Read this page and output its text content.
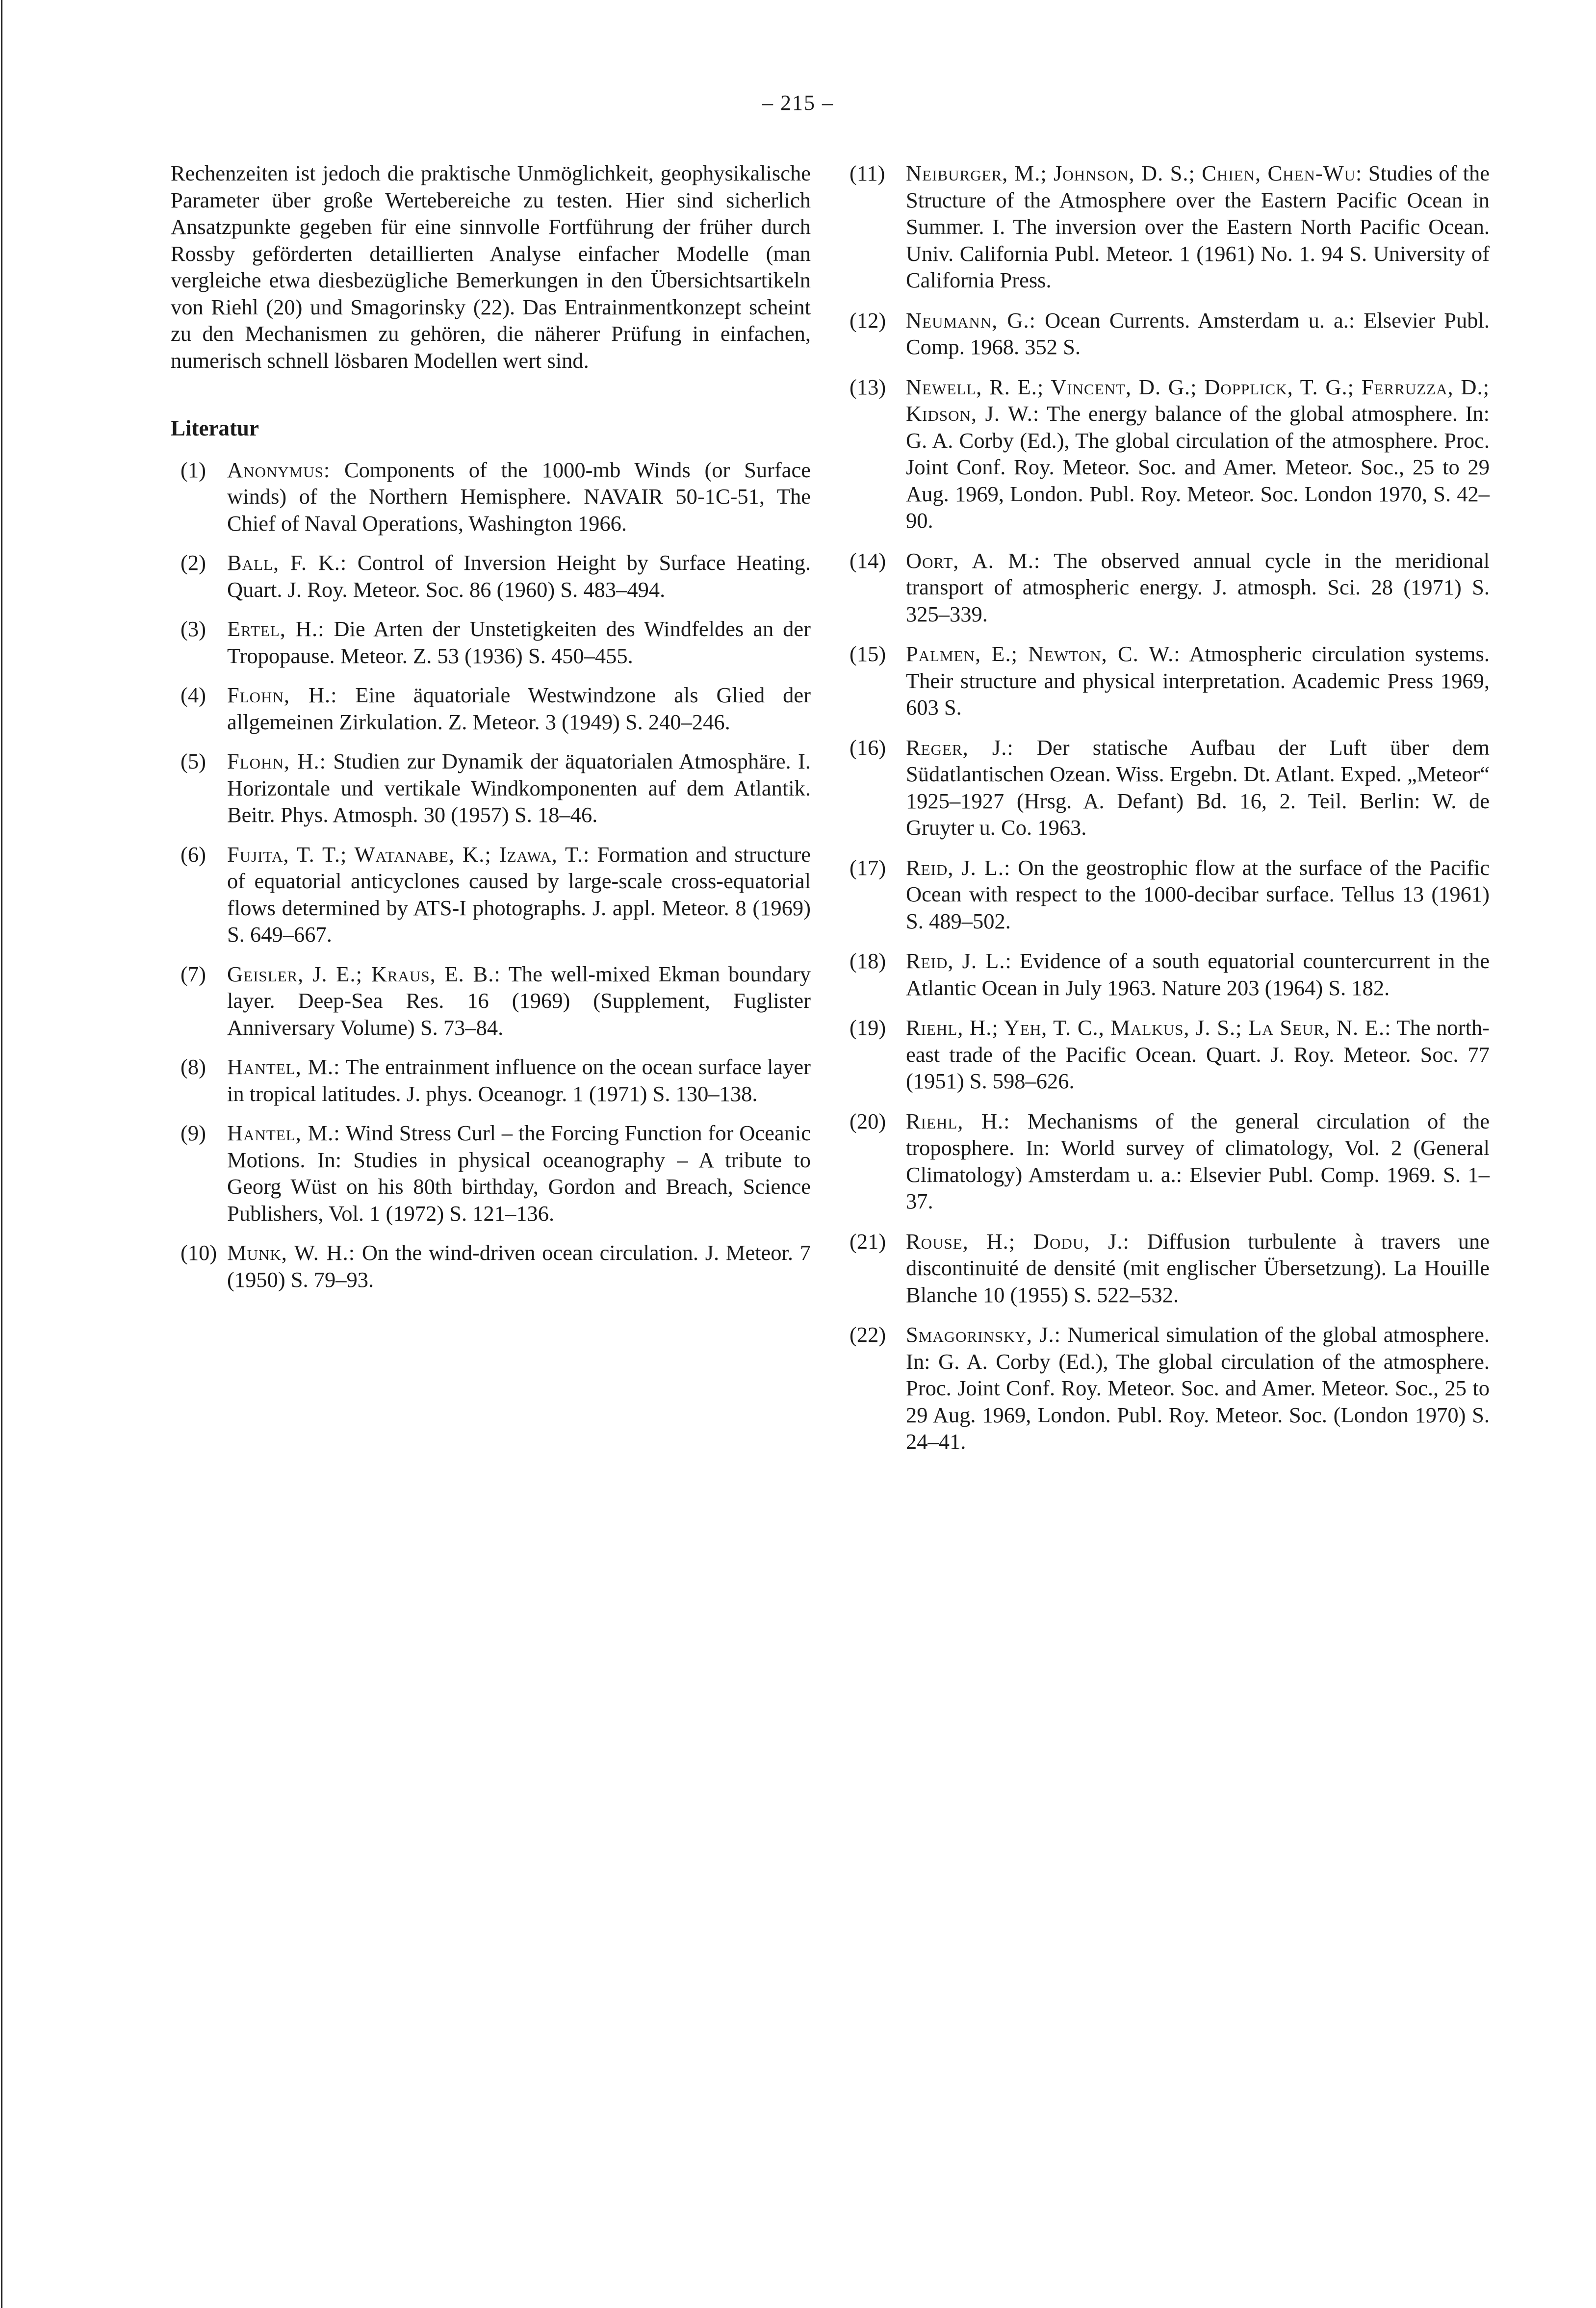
– 215 –

Rechenzeiten ist jedoch die praktische Unmöglichkeit, geophysikalische Parameter über große Wertebereiche zu testen. Hier sind sicherlich Ansatzpunkte gegeben für eine sinnvolle Fortführung der früher durch Rossby geförderten detaillierten Analyse einfacher Modelle (man vergleiche etwa diesbezügliche Bemerkungen in den Übersichtsartikeln von Riehl (20) und Smagorinsky (22). Das Entrainmentkonzept scheint zu den Mechanismen zu gehören, die näherer Prüfung in einfachen, numerisch schnell lösbaren Modellen wert sind.

Literatur
(1) Anonymus: Components of the 1000-mb Winds (or Surface winds) of the Northern Hemisphere. NAVAIR 50-1C-51, The Chief of Naval Operations, Washington 1966.
(2) Ball, F. K.: Control of Inversion Height by Surface Heating. Quart. J. Roy. Meteor. Soc. 86 (1960) S. 483–494.
(3) Ertel, H.: Die Arten der Unstetigkeiten des Windfeldes an der Tropopause. Meteor. Z. 53 (1936) S. 450–455.
(4) Flohn, H.: Eine äquatoriale Westwindzone als Glied der allgemeinen Zirkulation. Z. Meteor. 3 (1949) S. 240–246.
(5) Flohn, H.: Studien zur Dynamik der äquatorialen Atmosphäre. I. Horizontale und vertikale Windkomponenten auf dem Atlantik. Beitr. Phys. Atmosph. 30 (1957) S. 18–46.
(6) Fujita, T. T.; Watanabe, K.; Izawa, T.: Formation and structure of equatorial anticyclones caused by large-scale cross-equatorial flows determined by ATS-I photographs. J. appl. Meteor. 8 (1969) S. 649–667.
(7) Geisler, J. E.; Kraus, E. B.: The well-mixed Ekman boundary layer. Deep-Sea Res. 16 (1969) (Supplement, Fuglister Anniversary Volume) S. 73–84.
(8) Hantel, M.: The entrainment influence on the ocean surface layer in tropical latitudes. J. phys. Oceanogr. 1 (1971) S. 130–138.
(9) Hantel, M.: Wind Stress Curl – the Forcing Function for Oceanic Motions. In: Studies in physical oceanography – A tribute to Georg Wüst on his 80th birthday, Gordon and Breach, Science Publishers, Vol. 1 (1972) S. 121–136.
(10) Munk, W. H.: On the wind-driven ocean circulation. J. Meteor. 7 (1950) S. 79–93.
(11) Neiburger, M.; Johnson, D. S.; Chien, Chen-Wu: Studies of the Structure of the Atmosphere over the Eastern Pacific Ocean in Summer. I. The inversion over the Eastern North Pacific Ocean. Univ. California Publ. Meteor. 1 (1961) No. 1. 94 S. University of California Press.
(12) Neumann, G.: Ocean Currents. Amsterdam u. a.: Elsevier Publ. Comp. 1968. 352 S.
(13) Newell, R. E.; Vincent, D. G.; Dopplick, T. G.; Ferruzza, D.; Kidson, J. W.: The energy balance of the global atmosphere. In: G. A. Corby (Ed.), The global circulation of the atmosphere. Proc. Joint Conf. Roy. Meteor. Soc. and Amer. Meteor. Soc., 25 to 29 Aug. 1969, London. Publ. Roy. Meteor. Soc. London 1970, S. 42–90.
(14) Oort, A. M.: The observed annual cycle in the meridional transport of atmospheric energy. J. atmosph. Sci. 28 (1971) S. 325–339.
(15) Palmen, E.; Newton, C. W.: Atmospheric circulation systems. Their structure and physical interpretation. Academic Press 1969, 603 S.
(16) Reger, J.: Der statische Aufbau der Luft über dem Südatlantischen Ozean. Wiss. Ergebn. Dt. Atlant. Exped. „Meteor“ 1925–1927 (Hrsg. A. Defant) Bd. 16, 2. Teil. Berlin: W. de Gruyter u. Co. 1963.
(17) Reid, J. L.: On the geostrophic flow at the surface of the Pacific Ocean with respect to the 1000-decibar surface. Tellus 13 (1961) S. 489–502.
(18) Reid, J. L.: Evidence of a south equatorial countercurrent in the Atlantic Ocean in July 1963. Nature 203 (1964) S. 182.
(19) Riehl, H.; Yeh, T. C., Malkus, J. S.; La Seur, N. E.: The north-east trade of the Pacific Ocean. Quart. J. Roy. Meteor. Soc. 77 (1951) S. 598–626.
(20) Riehl, H.: Mechanisms of the general circulation of the troposphere. In: World survey of climatology, Vol. 2 (General Climatology) Amsterdam u. a.: Elsevier Publ. Comp. 1969. S. 1–37.
(21) Rouse, H.; Dodu, J.: Diffusion turbulente à travers une discontinuité de densité (mit englischer Übersetzung). La Houille Blanche 10 (1955) S. 522–532.
(22) Smagorinsky, J.: Numerical simulation of the global atmosphere. In: G. A. Corby (Ed.), The global circulation of the atmosphere. Proc. Joint Conf. Roy. Meteor. Soc. and Amer. Meteor. Soc., 25 to 29 Aug. 1969, London. Publ. Roy. Meteor. Soc. (London 1970) S. 24–41.
